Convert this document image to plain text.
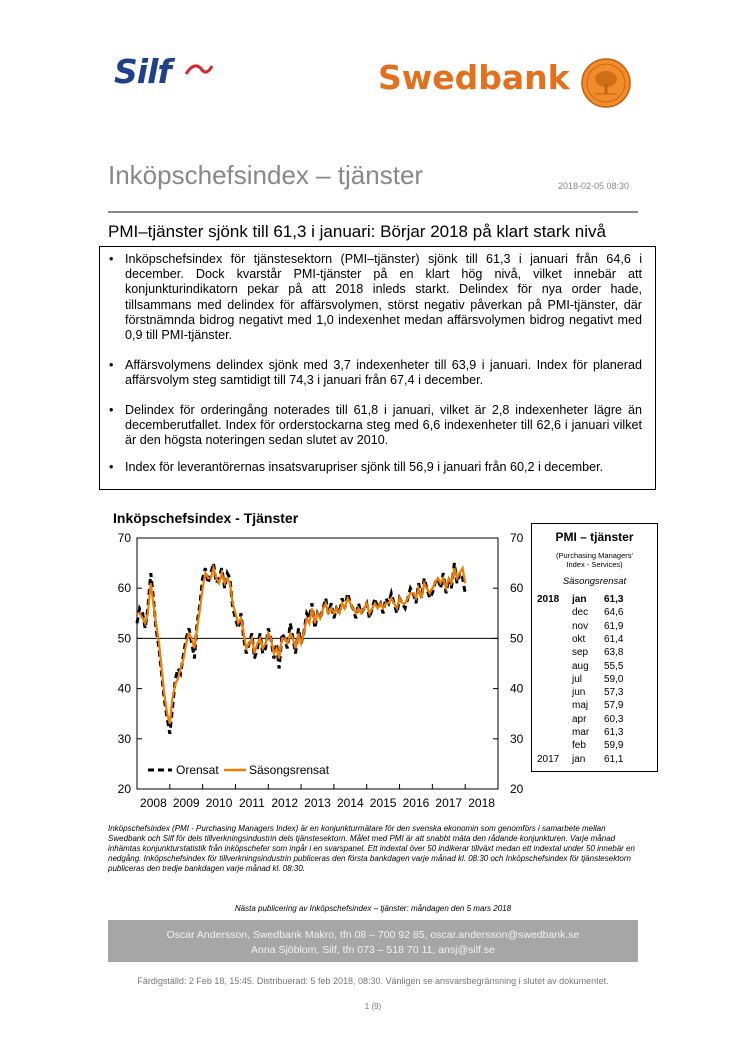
Silf	Swedbank
Inköpschefsindex – tjänster	2018-02-05 08:30
PMI–tjänster sjönk till 61,3 i januari: Börjar 2018 på klart stark nivå
• Inköpschefsindex för tjänstesektorn (PMI–tjänster) sjönk till 61,3 i januari från 64,6 i december. Dock kvarstår PMI-tjänster på en klart hög nivå, vilket innebär att konjunkturindikatorn pekar på att 2018 inleds starkt. Delindex för nya order hade, tillsammans med delindex för affärsvolymen, störst negativ påverkan på PMI-tjänster, där förstnämnda bidrog negativt med 1,0 indexenhet medan affärsvolymen bidrog negativt med 0,9 till PMI-tjänster.
• Affärsvolymens delindex sjönk med 3,7 indexenheter till 63,9 i januari. Index för planerad affärsvolym steg samtidigt till 74,3 i januari från 67,4 i december.
• Delindex för orderingång noterades till 61,8 i januari, vilket är 2,8 indexenheter lägre än decemberutfallet. Index för orderstockarna steg med 6,6 indexenheter till 62,6 i januari vilket är den högsta noteringen sedan slutet av 2010.
• Index för leverantörernas insatsvarupriser sjönk till 56,9 i januari från 60,2 i december.
Inköpschefsindex - Tjänster
20	20
30	30
40	40
50	50
60	60
70	70
2008 2009 2010 2011 2012 2013 2014 2015 2016 2017 2018
Orensat	Säsongsrensat
PMI – tjänster
(Purchasing Managers'
Index - Services)
Säsongsrensat
2018 jan 61,3
dec 64,6
nov 61,9
okt 61,4
sep 63,8
aug 55,5
jul 59,0
jun 57,3
maj 57,9
apr 60,3
mar 61,3
feb 59,9
2017 jan 61,1
Inköpschefsindex (PMI - Purchasing Managers Index) är en konjunkturmätare för den svenska ekonomin som genomförs i samarbete mellan Swedbank och Silf för dels tillverkningsindustrin dels tjänstesektorn. Målet med PMI är att snabbt mäta den rådande konjunkturen. Varje månad inhämtas konjunkturstatistik från inköpschefer som ingår i en svarspanel. Ett indextal över 50 indikerar tillväxt medan ett indextal under 50 innebär en nedgång. Inköpschefsindex för tillverkningsindustrin publiceras den första bankdagen varje månad kl. 08:30 och Inköpschefsindex för tjänstesektorn publiceras den tredje bankdagen varje månad kl. 08:30.
Nästa publicering av Inköpschefsindex – tjänster: måndagen den 5 mars 2018
Oscar Andersson, Swedbank Makro, tfn 08 – 700 92 85, oscar.andersson@swedbank.se
Anna Sjöblom, Silf, tfn 073 – 518 70 11, ansj@silf.se
Färdigställd: 2 Feb 18, 15:45. Distribuerad: 5 feb 2018, 08:30. Vänligen se ansvarsbegränsning i slutet av dokumentet.
1 (9)
